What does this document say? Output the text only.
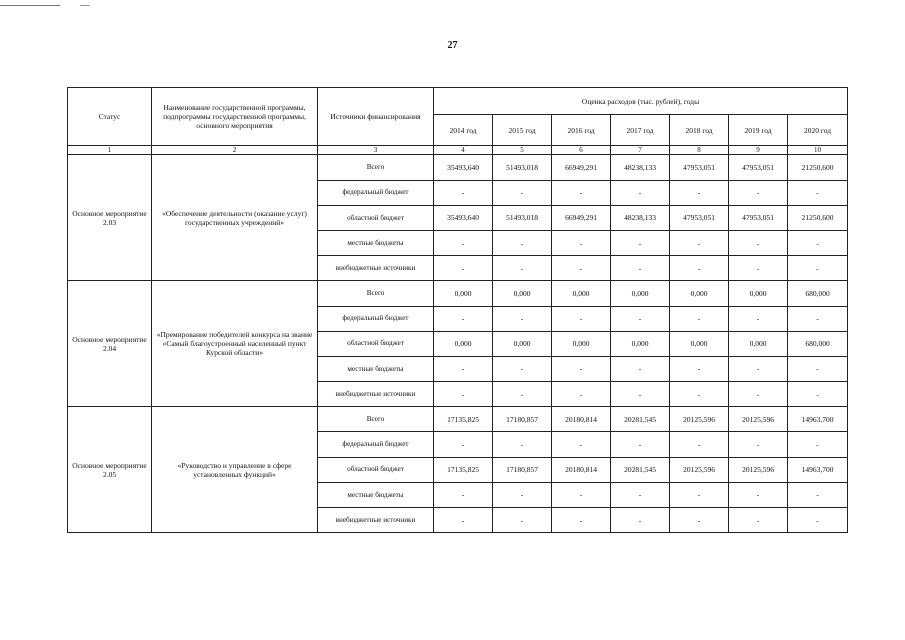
27
Статус	Наименование государственной программы, подпрограммы государственной программы, основного мероприятия	Источники финансирования	Оценка расходов (тыс. рублей), годы						
			2014 год	2015 год	2016 год	2017 год	2018 год	2019 год	2020 год
1	2	3	4	5	6	7	8	9	10
Основное мероприятие 2.03	«Обеспечение деятельности (оказание услуг) государственных учреждений»	Всего	35493,640	51493,018	66949,291	48238,133	47953,051	47953,051	21250,600
		федеральный бюджет	-	-	-	-	-	-	-
		областной бюджет	35493,640	51493,018	66949,291	48238,133	47953,051	47953,051	21250,600
		местные бюджеты	-	-	-	-	-	-	-
		внебюджетные источники	-	-	-	-	-	-	-
Основное мероприятие 2.04	«Премирование победителей конкурса на звание «Самый благоустроенный населенный пункт Курской области»	Всего	0,000	0,000	0,000	0,000	0,000	0,000	680,000
		федеральный бюджет	-	-	-	-	-	-	-
		областной бюджет	0,000	0,000	0,000	0,000	0,000	0,000	680,000
		местные бюджеты	-	-	-	-	-	-	-
		внебюджетные источники	-	-	-	-	-	-	-
Основное мероприятие 2.05	«Руководство и управление в сфере установленных функций»	Всего	17135,825	17180,857	20180,814	20281,545	20125,596	20125,596	14963,700
		федеральный бюджет	-	-	-	-	-	-	-
		областной бюджет	17135,825	17180,857	20180,814	20281,545	20125,596	20125,596	14963,700
		местные бюджеты	-	-	-	-	-	-	-
		внебюджетные источники	-	-	-	-	-	-	-
